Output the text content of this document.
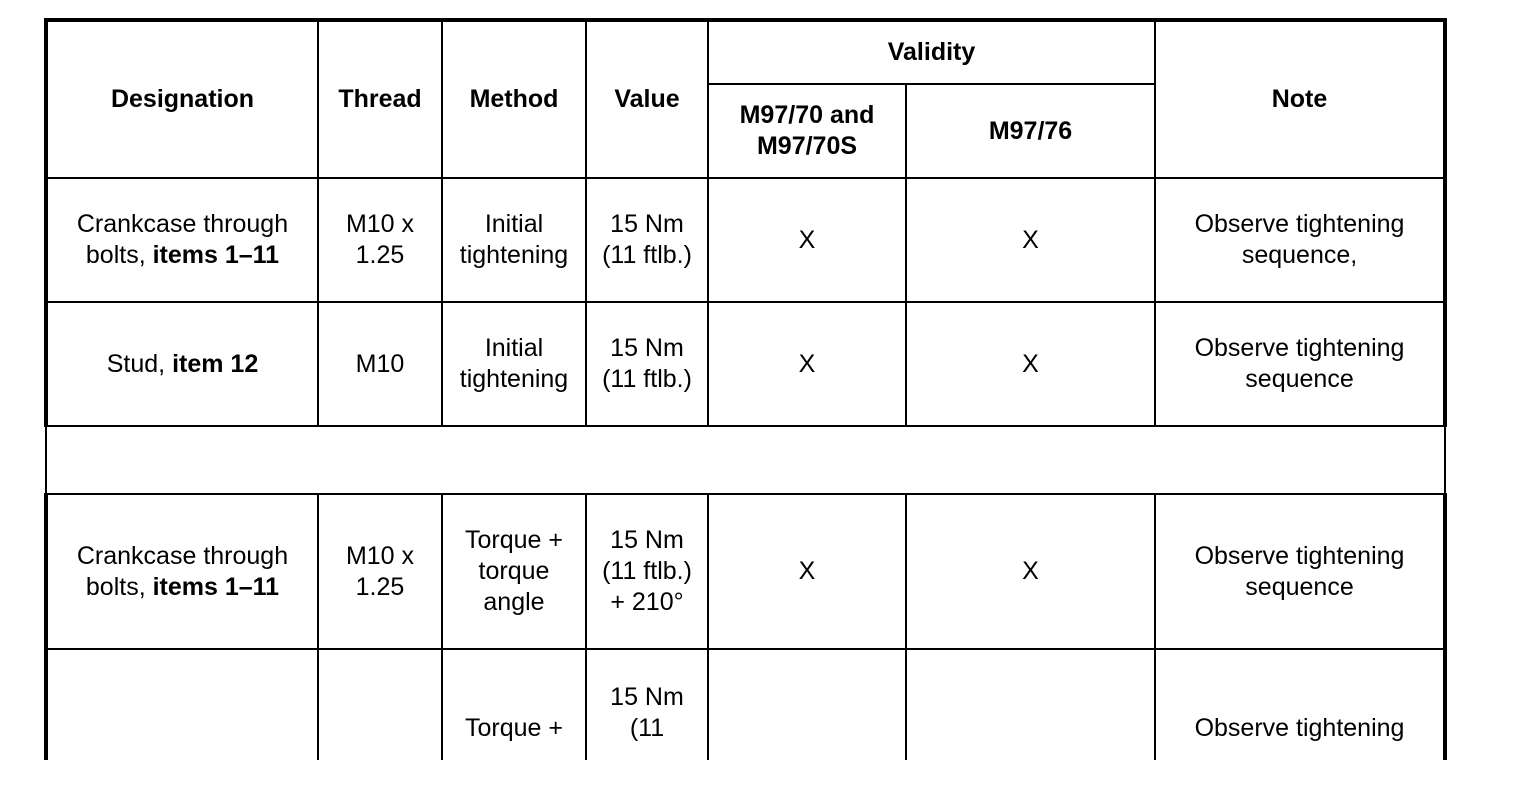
Designation	Thread	Method	Value	Validity		Note
				M97/70 and M97/70S	M97/76	
Crankcase through bolts, items 1–11	M10 x 1.25	Initial tightening	15 Nm (11 ftlb.)	X	X	Observe tightening sequence,
Stud, item 12	M10	Initial tightening	15 Nm (11 ftlb.)	X	X	Observe tightening sequence

Crankcase through bolts, items 1–11	M10 x 1.25	Torque + torque angle	15 Nm (11 ftlb.) + 210°	X	X	Observe tightening sequence
		Torque +	15 Nm (11			Observe tightening
